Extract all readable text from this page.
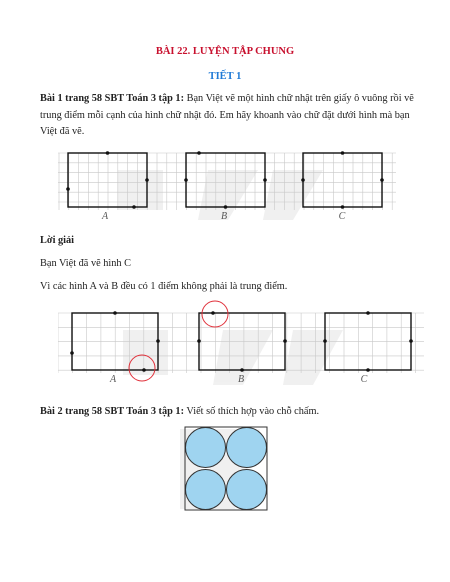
BÀI 22. LUYỆN TẬP CHUNG
TIẾT 1
Bài 1 trang 58 SBT Toán 3 tập 1: Bạn Việt vẽ một hình chữ nhật trên giấy ô vuông rồi vẽ trung điểm mỗi cạnh của hình chữ nhật đó. Em hãy khoanh vào chữ đặt dưới hình mà bạn Việt đã vẽ.
A	B	C
Lời giải
Bạn Việt đã vẽ hình C
Vì các hình A và B đều có 1 điểm không phải là trung điểm.
A	B	C
Bài 2 trang 58 SBT Toán 3 tập 1: Viết số thích hợp vào chỗ chấm.
